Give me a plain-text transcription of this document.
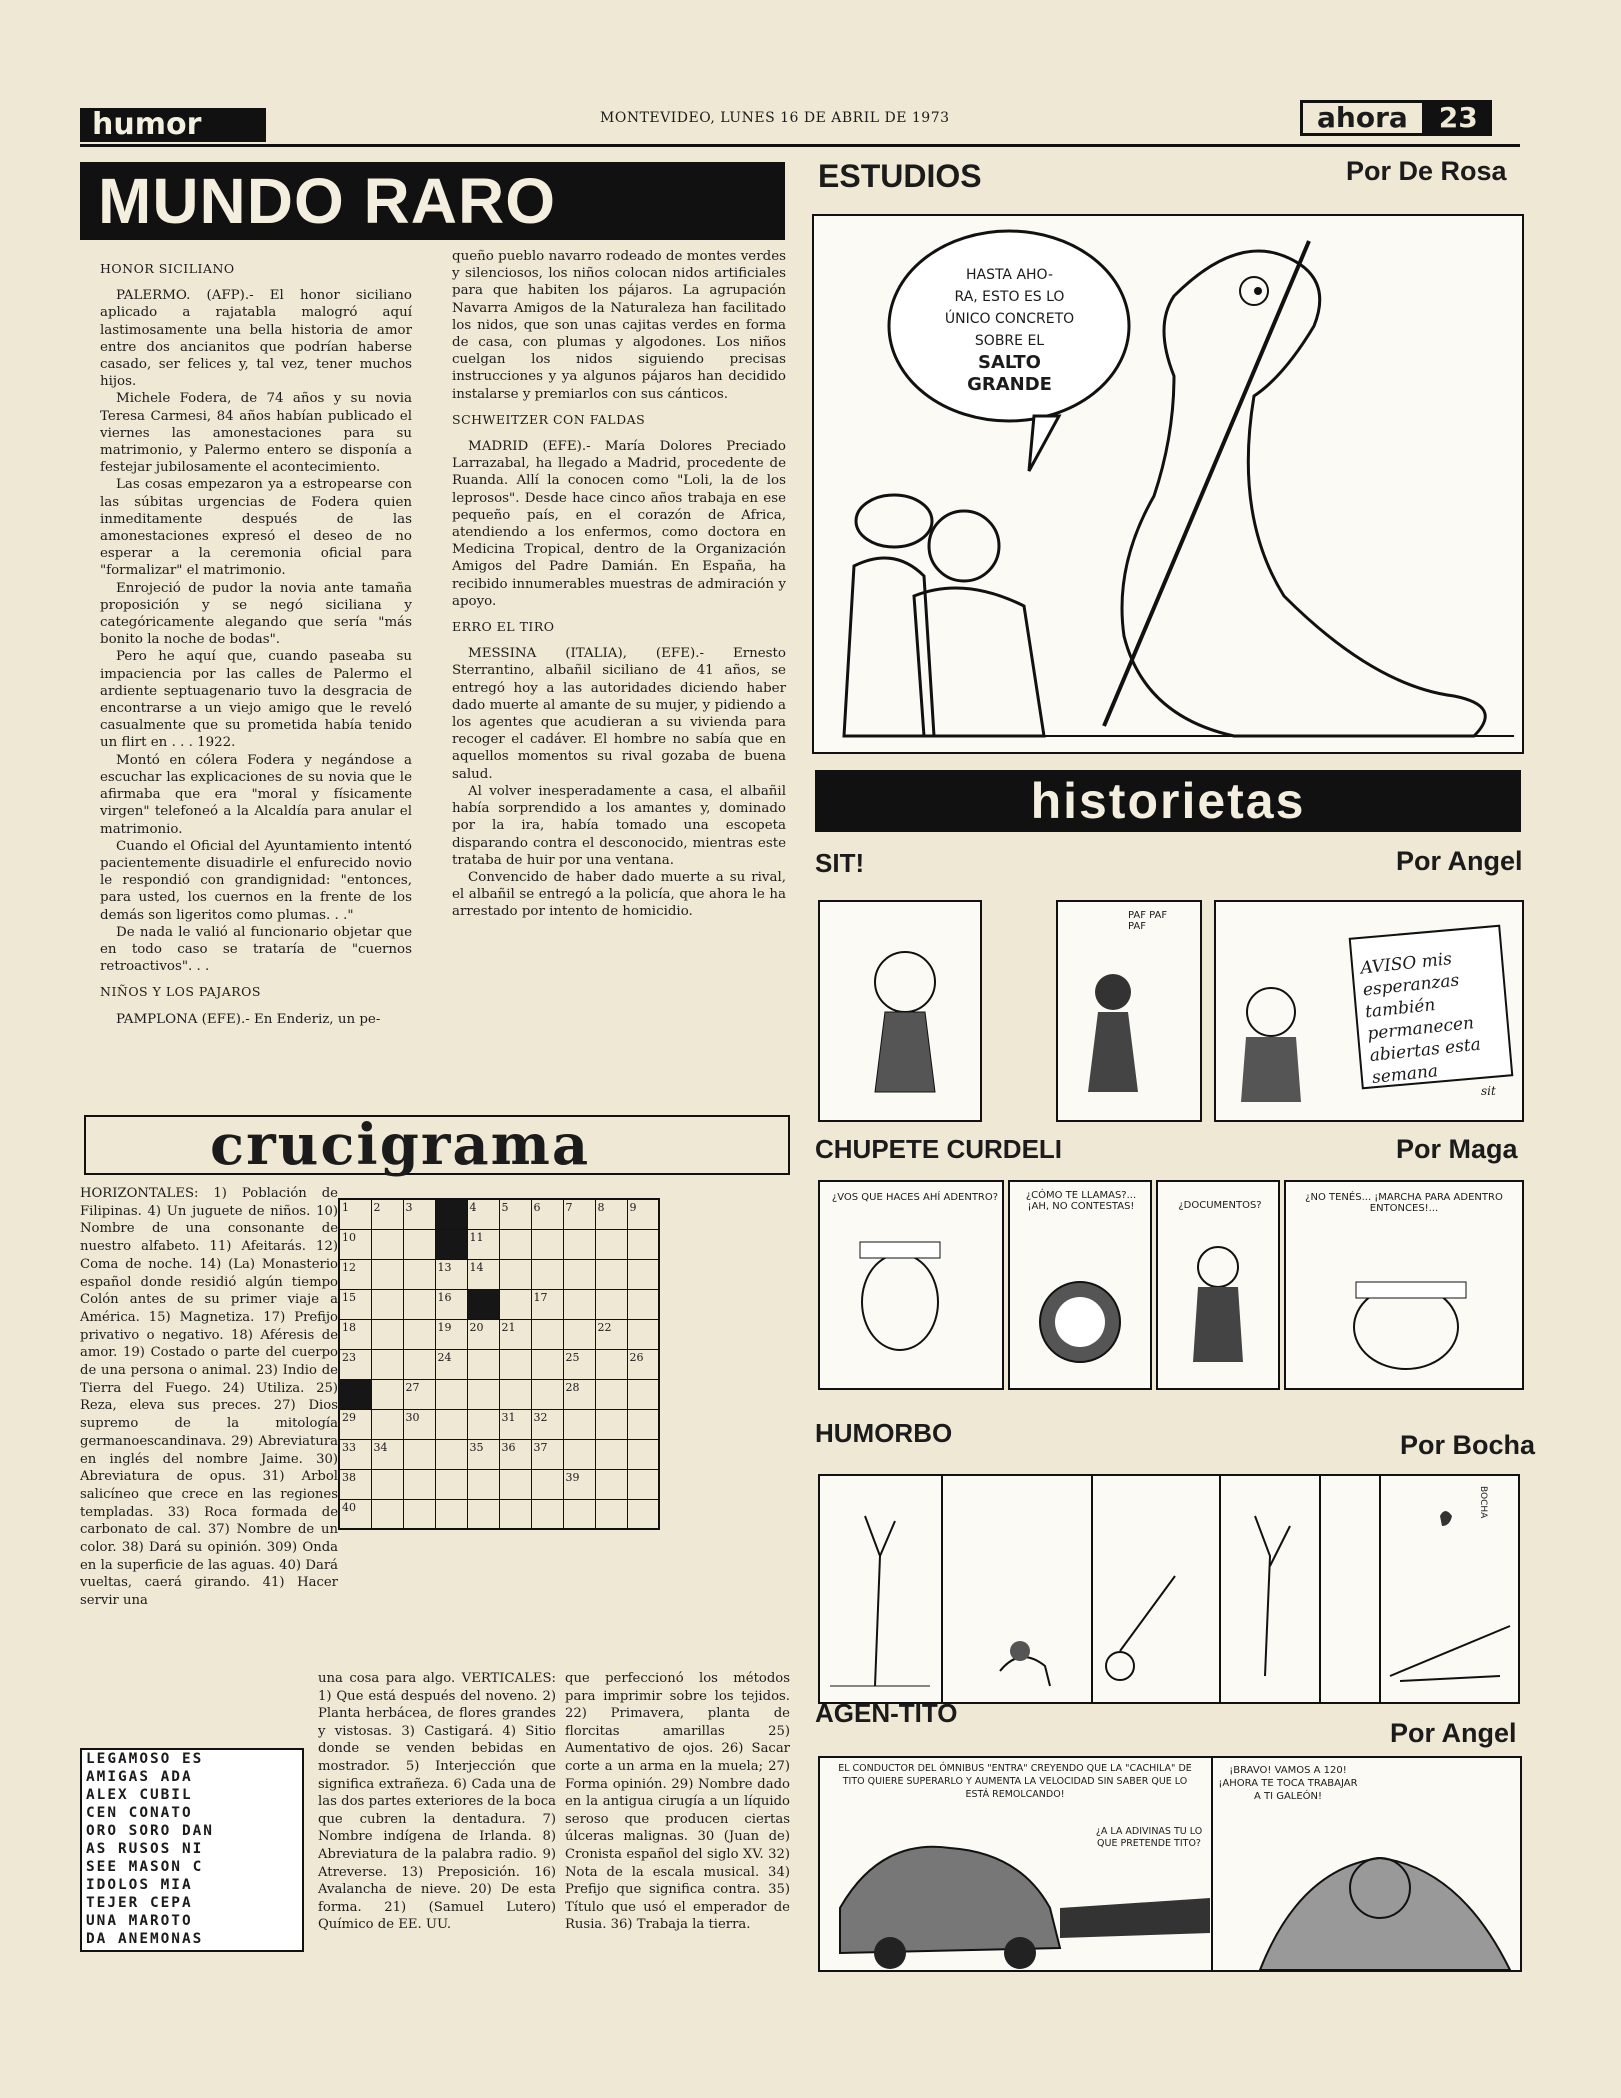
humor	MONTEVIDEO, LUNES 16 DE ABRIL DE 1973	ahora 23
MUNDO RARO
HONOR SICILIANO

PALERMO. (AFP).- El honor siciliano aplicado a rajatabla malogró aquí lastimosamente una bella historia de amor entre dos ancianitos que podrían haberse casado, ser felices y, tal vez, tener muchos hijos.

Michele Fodera, de 74 años y su novia Teresa Carmesi, 84 años habían publicado el viernes las amonestaciones para su matrimonio, y Palermo entero se disponía a festejar jubilosamente el acontecimiento.

Las cosas empezaron ya a estropearse con las súbitas urgencias de Fodera quien inmeditamente después de las amonestaciones expresó el deseo de no esperar a la ceremonia oficial para "formalizar" el matrimonio.

Enrojeció de pudor la novia ante tamaña proposición y se negó siciliana y categóricamente alegando que sería "más bonito la noche de bodas".

Pero he aquí que, cuando paseaba su impaciencia por las calles de Palermo el ardiente septuagenario tuvo la desgracia de encontrarse a un viejo amigo que le reveló casualmente que su prometida había tenido un flirt en . . . 1922.

Montó en cólera Fodera y negándose a escuchar las explicaciones de su novia que le afirmaba que era "moral y físicamente virgen" telefoneó a la Alcaldía para anular el matrimonio.

Cuando el Oficial del Ayuntamiento intentó pacientemente disuadirle el enfurecido novio le respondió con grandignidad: "entonces, para usted, los cuernos en la frente de los demás son ligeritos como plumas. . ."

De nada le valió al funcionario objetar que en todo caso se trataría de "cuernos retroactivos". . .

NIÑOS Y LOS PAJAROS

PAMPLONA (EFE).- En Enderiz, un pe-

queño pueblo navarro rodeado de montes verdes y silenciosos, los niños colocan nidos artificiales para que habiten los pájaros. La agrupación Navarra Amigos de la Naturaleza han facilitado los nidos, que son unas cajitas verdes en forma de casa, con plumas y algodones. Los niños cuelgan los nidos siguiendo precisas instrucciones y ya algunos pájaros han decidido instalarse y premiarlos con sus cánticos.

SCHWEITZER CON FALDAS

MADRID (EFE).- María Dolores Preciado Larrazabal, ha llegado a Madrid, procedente de Ruanda. Allí la conocen como "Loli, la de los leprosos". Desde hace cinco años trabaja en ese pequeño país, en el corazón de Africa, atendiendo a los enfermos, como doctora en Medicina Tropical, dentro de la Organización Amigos del Padre Damián. En España, ha recibido innumerables muestras de admiración y apoyo.

ERRO EL TIRO

MESSINA (ITALIA), (EFE).- Ernesto Sterrantino, albañil siciliano de 41 años, se entregó hoy a las autoridades diciendo haber dado muerte al amante de su mujer, y pidiendo a los agentes que acudieran a su vivienda para recoger el cadáver. El hombre no sabía que en aquellos momentos su rival gozaba de buena salud.

Al volver inesperadamente a casa, el albañil había sorprendido a los amantes y, dominado por la ira, había tomado una escopeta disparando contra el desconocido, mientras este trataba de huir por una ventana.

Convencido de haber dado muerte a su rival, el albañil se entregó a la policía, que ahora le ha arrestado por intento de homicidio.

crucigrama
HORIZONTALES: 1) Población de Filipinas. 4) Un juguete de niños. 10) Nombre de una consonante de nuestro alfabeto. 11) Afeitarás. 12) Coma de noche. 14) (La) Monasterio español donde residió algún tiempo Colón antes de su primer viaje a América. 15) Magnetiza. 17) Prefijo privativo o negativo. 18) Aféresis de amor. 19) Costado o parte del cuerpo de una persona o animal. 23) Indio de Tierra del Fuego. 24) Utiliza. 25) Reza, eleva sus preces. 27) Dios supremo de la mitología germanoescandinava. 29) Abreviatura en inglés del nombre Jaime. 30) Abreviatura de opus. 31) Arbol salicíneo que crece en las regiones templadas. 33) Roca formada de carbonato de cal. 37) Nombre de un color. 38) Dará su opinión. 309) Onda en la superficie de las aguas. 40) Dará vueltas, caerá girando. 41) Hacer servir una
1	2	3		4	5	6	7	8	9
10				11					
12			13	14					
15			16			17			
18			19	20	21			22	
23			24				25		26
		27					28		
29		30			31	32			
33	34			35	36	37			
38							39		
40									
una cosa para algo. VERTICALES: 1) Que está después del noveno. 2) Planta herbácea, de flores grandes y vistosas. 3) Castigará. 4) Sitio donde se venden bebidas en mostrador. 5) Interjección que significa extrañeza. 6) Cada una de las dos partes exteriores de la boca que cubren la dentadura. 7) Nombre indígena de Irlanda. 8) Abreviatura de la palabra radio. 9) Atreverse. 13) Preposición. 16) Avalancha de nieve. 20) De esta forma. 21) (Samuel Lutero) Químico de EE. UU.
que perfeccionó los métodos para imprimir sobre los tejidos. 22) Primavera, planta de florcitas amarillas 25) Aumentativo de ojos. 26) Sacar corte a un arma en la muela; 27) Forma opinión. 29) Nombre dado en la antigua cirugía a un líquido seroso que producen ciertas úlceras malignas. 30 (Juan de) Cronista español del siglo XV. 32) Nota de la escala musical. 34) Prefijo que significa contra. 35) Título que usó el emperador de Rusia. 36) Trabaja la tierra.
LEGAMOSO ES
AMIGAS ADA
ALEX CUBIL
CEN CONATO
ORO SORO DAN
AS RUSOS NI
SEE MASON C
IDOLOS MIA
TEJER CEPA
UNA MAROTO
DA ANEMONAS
ESTUDIOS	Por De Rosa
HASTA AHO-
RA, ESTO ES LO
ÚNICO CONCRETO
SOBRE EL
SALTO
GRANDE
historietas
SIT!	Por Angel
PAF PAF PAF
AVISO mis esperanzas también permanecen abiertas esta semana
sit
CHUPETE CURDELI	Por Maga
¿VOS QUE HACES AHÍ ADENTRO?	¿CÓMO TE LLAMAS?...¡AH, NO CONTESTAS!	¿DOCUMENTOS?
¿NO TENÉS... ¡MARCHA PARA ADENTRO ENTONCES!...
HUMORBO	Por Bocha
BOCHA
AGEN-TITO
Por Angel
EL CONDUCTOR DEL ÓMNIBUS "ENTRA" CREYENDO QUE LA "CACHILA" DE TITO QUIERE SUPERARLO Y AUMENTA LA VELOCIDAD SIN SABER QUE LO ESTÁ REMOLCANDO!
¿A LA ADIVINAS TU LO QUE PRETENDE TITO?
¡BRAVO! VAMOS A 120! ¡AHORA TE TOCA TRABAJAR A TI GALEÓN!
